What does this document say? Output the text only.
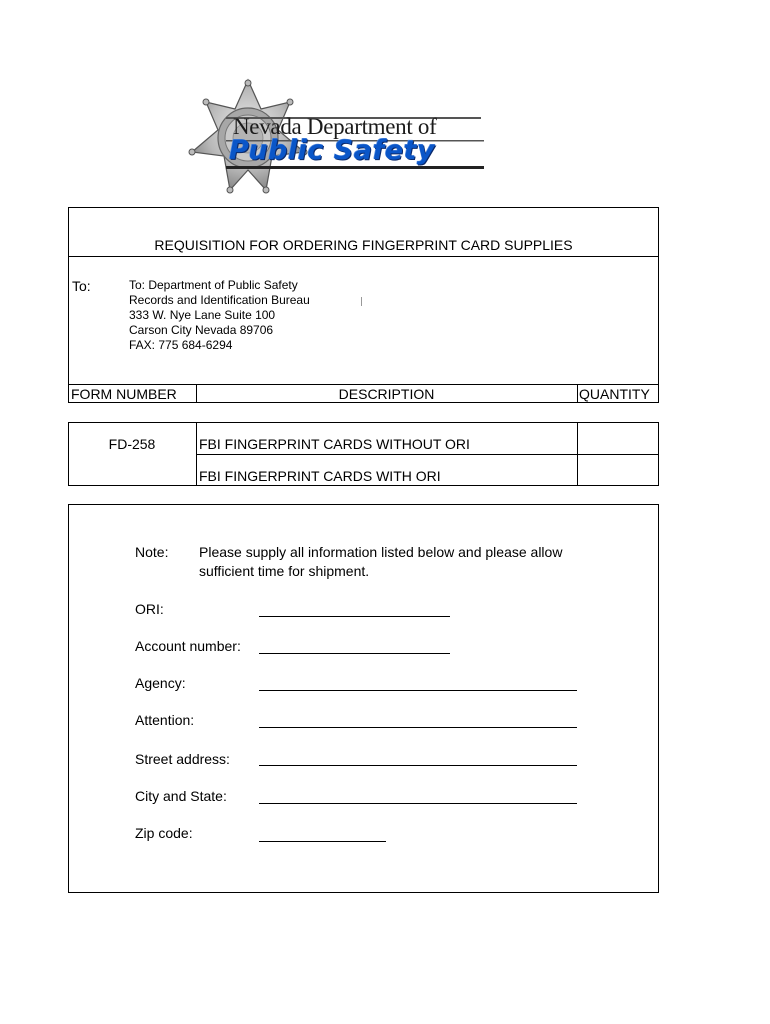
Nevada Department of
Public Safety
REQUISITION FOR ORDERING FINGERPRINT CARD SUPPLIES
To:	To: Department of Public Safety
Records and Identification Bureau
333 W. Nye Lane Suite 100
Carson City Nevada 89706
FAX: 775 684-6294
FORM NUMBER	DESCRIPTION	QUANTITY
FD-258	FBI FINGERPRINT CARDS WITHOUT ORI
FBI FINGERPRINT CARDS WITH ORI
Note: Please supply all information listed below and please allow
sufficient time for shipment.
ORI:
Account number:
Agency:
Attention:
Street address:
City and State:
Zip code:
